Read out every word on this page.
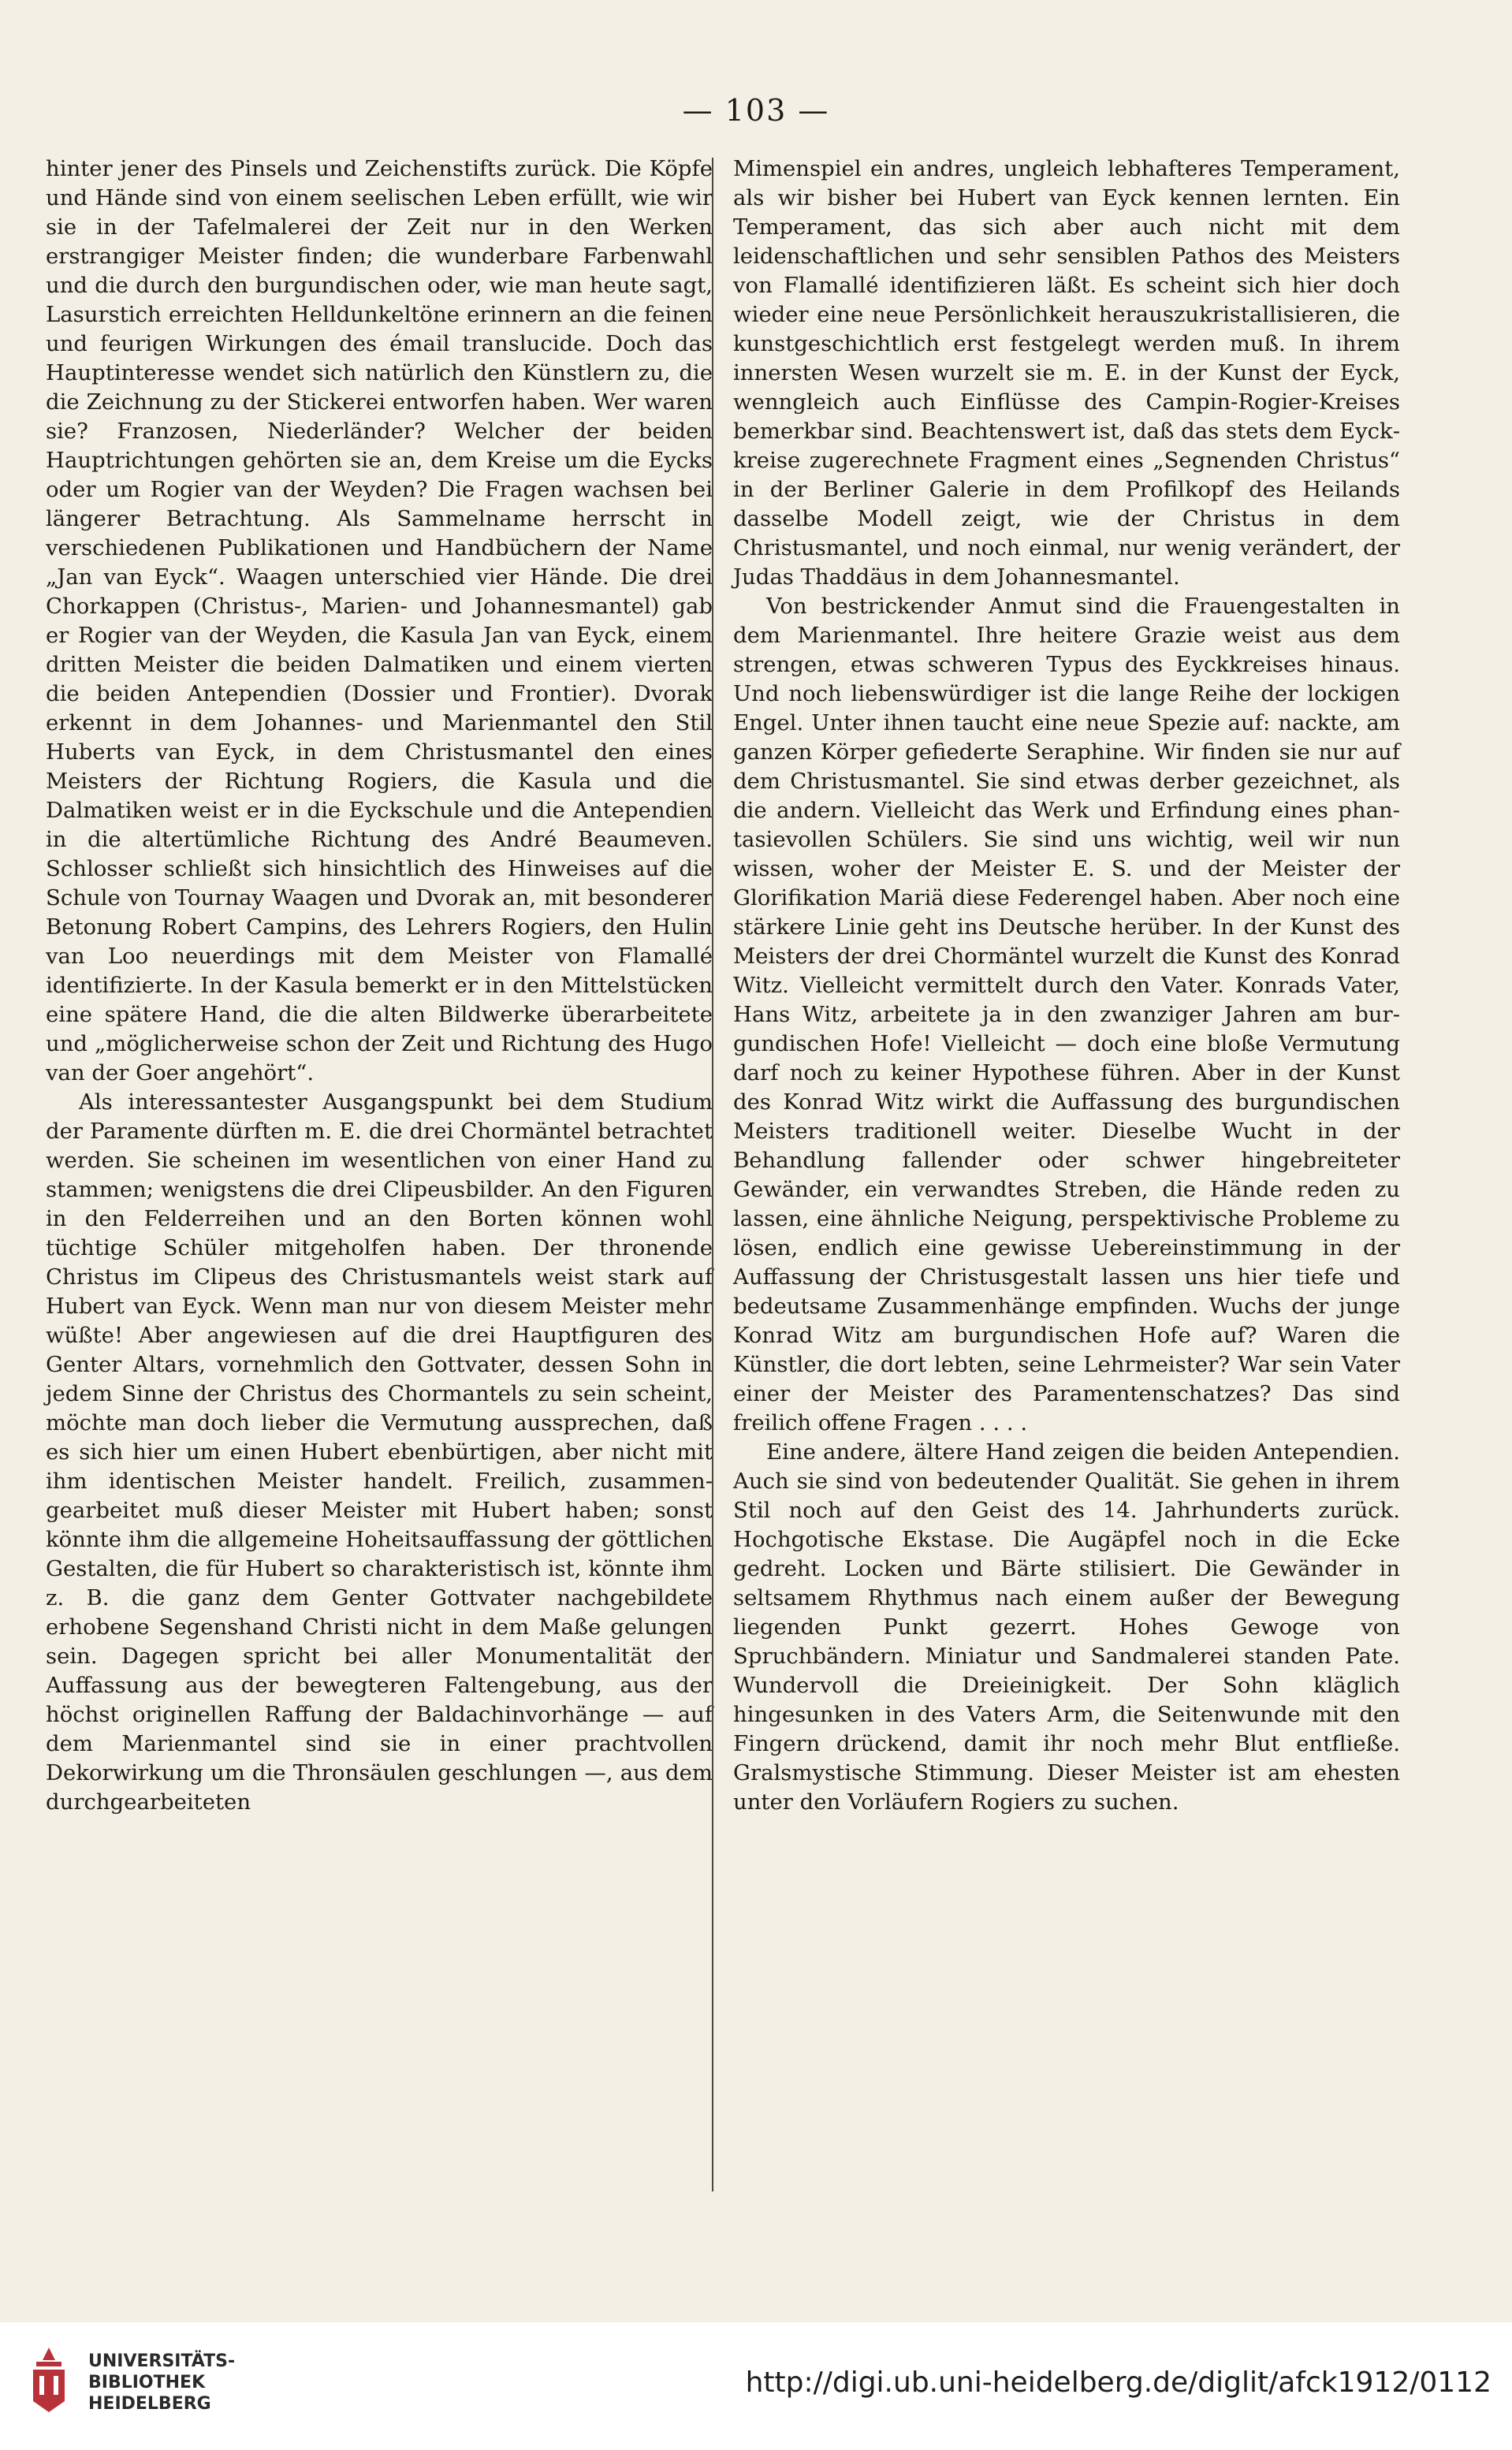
— 103 —

hinter jener des Pinsels und Zeichenstifts zurück. Die Köpfe und Hände sind von einem seelischen Leben erfüllt, wie wir sie in der Tafelmalerei der Zeit nur in den Werken erstrangiger Meister finden; die wunderbare Farbenwahl und die durch den burgundischen oder, wie man heute sagt, Lasurstich erreichten Helldunkeltöne erinnern an die feinen und feurigen Wirkungen des émail translucide. Doch das Hauptinteresse wendet sich natürlich den Künstlern zu, die die Zeichnung zu der Stickerei entworfen haben. Wer waren sie? Franzosen, Niederländer? Welcher der beiden Hauptrichtungen gehörten sie an, dem Kreise um die Eycks oder um Rogier van der Weyden? Die Fragen wachsen bei längerer Betrachtung. Als Sammelname herrscht in verschiedenen Publikationen und Handbüchern der Name „Jan van Eyck“. Waagen unterschied vier Hände. Die drei Chorkappen (Christus-, Marien- und Johannesmantel) gab er Rogier van der Weyden, die Kasula Jan van Eyck, einem dritten Meister die beiden Dalmatiken und einem vierten die beiden Antependien (Dossier und Frontier). Dvorak erkennt in dem Johannes- und Marienmantel den Stil Huberts van Eyck, in dem Christusmantel den eines Meisters der Richtung Rogiers, die Kasula und die Dalmatiken weist er in die Eyckschule und die Antependien in die altertümliche Richtung des André Beaumeven. Schlosser schließt sich hinsichtlich des Hinweises auf die Schule von Tournay Waagen und Dvorak an, mit besonderer Betonung Robert Campins, des Lehrers Rogiers, den Hulin van Loo neuerdings mit dem Meister von Flamallé identifizierte. In der Kasula bemerkt er in den Mittelstücken eine spätere Hand, die die alten Bildwerke überarbeitete und „möglicherweise schon der Zeit und Richtung des Hugo van der Goer angehört“.

Als interessantester Ausgangspunkt bei dem Studium der Paramente dürften m. E. die drei Chormäntel betrachtet werden. Sie scheinen im wesentlichen von einer Hand zu stammen; wenigstens die drei Clipeusbilder. An den Figuren in den Felderreihen und an den Borten können wohl tüchtige Schüler mitgeholfen haben. Der thronende Christus im Clipeus des Christusmantels weist stark auf Hubert van Eyck. Wenn man nur von diesem Meister mehr wüßte! Aber angewiesen auf die drei Hauptfiguren des Genter Altars, vornehmlich den Gottvater, dessen Sohn in jedem Sinne der Christus des Chormantels zu sein scheint, möchte man doch lieber die Vermutung aussprechen, daß es sich hier um einen Hubert ebenbürtigen, aber nicht mit ihm identischen Meister handelt. Freilich, zusammengearbeitet muß dieser Meister mit Hubert haben; sonst könnte ihm die allgemeine Hoheitsauffassung der göttlichen Gestalten, die für Hubert so charakteristisch ist, könnte ihm z. B. die ganz dem Genter Gottvater nachgebildete erhobene Segenshand Christi nicht in dem Maße gelungen sein. Dagegen spricht bei aller Monumentalität der Auffassung aus der bewegteren Faltengebung, aus der höchst originellen Raffung der Baldachinvorhänge — auf dem Marienmantel sind sie in einer prachtvollen Dekorwirkung um die Thronsäulen geschlungen —, aus dem durchgearbeiteten

Mimenspiel ein andres, ungleich lebhafteres Temperament, als wir bisher bei Hubert van Eyck kennen lernten. Ein Temperament, das sich aber auch nicht mit dem leidenschaftlichen und sehr sensiblen Pathos des Meisters von Flamallé identifizieren läßt. Es scheint sich hier doch wieder eine neue Persönlichkeit herauszukristallisieren, die kunstgeschichtlich erst festgelegt werden muß. In ihrem innersten Wesen wurzelt sie m. E. in der Kunst der Eyck, wenngleich auch Einflüsse des Campin-Rogier-Kreises bemerkbar sind. Beachtenswert ist, daß das stets dem Eyckkreise zugerechnete Fragment eines „Segnenden Christus“ in der Berliner Galerie in dem Profilkopf des Heilands dasselbe Modell zeigt, wie der Christus in dem Christusmantel, und noch einmal, nur wenig verändert, der Judas Thaddäus in dem Johannesmantel.

Von bestrickender Anmut sind die Frauengestalten in dem Marienmantel. Ihre heitere Grazie weist aus dem strengen, etwas schweren Typus des Eyckkreises hinaus. Und noch liebenswürdiger ist die lange Reihe der lockigen Engel. Unter ihnen taucht eine neue Spezie auf: nackte, am ganzen Körper gefiederte Seraphine. Wir finden sie nur auf dem Christusmantel. Sie sind etwas derber gezeichnet, als die andern. Vielleicht das Werk und Erfindung eines phantasievollen Schülers. Sie sind uns wichtig, weil wir nun wissen, woher der Meister E. S. und der Meister der Glorifikation Mariä diese Federengel haben. Aber noch eine stärkere Linie geht ins Deutsche herüber. In der Kunst des Meisters der drei Chormäntel wurzelt die Kunst des Konrad Witz. Vielleicht vermittelt durch den Vater. Konrads Vater, Hans Witz, arbeitete ja in den zwanziger Jahren am burgundischen Hofe! Vielleicht — doch eine bloße Vermutung darf noch zu keiner Hypothese führen. Aber in der Kunst des Konrad Witz wirkt die Auffassung des burgundischen Meisters traditionell weiter. Dieselbe Wucht in der Behandlung fallender oder schwer hingebreiteter Gewänder, ein verwandtes Streben, die Hände reden zu lassen, eine ähnliche Neigung, perspektivische Probleme zu lösen, endlich eine gewisse Uebereinstimmung in der Auffassung der Christusgestalt lassen uns hier tiefe und bedeutsame Zusammenhänge empfinden. Wuchs der junge Konrad Witz am burgundischen Hofe auf? Waren die Künstler, die dort lebten, seine Lehrmeister? War sein Vater einer der Meister des Paramentenschatzes? Das sind freilich offene Fragen . . . .

Eine andere, ältere Hand zeigen die beiden Antependien. Auch sie sind von bedeutender Qualität. Sie gehen in ihrem Stil noch auf den Geist des 14. Jahrhunderts zurück. Hochgotische Ekstase. Die Augäpfel noch in die Ecke gedreht. Locken und Bärte stilisiert. Die Gewänder in seltsamem Rhythmus nach einem außer der Bewegung liegenden Punkt gezerrt. Hohes Gewoge von Spruchbändern. Miniatur und Sandmalerei standen Pate. Wundervoll die Dreieinigkeit. Der Sohn kläglich hingesunken in des Vaters Arm, die Seitenwunde mit den Fingern drückend, damit ihr noch mehr Blut entfließe. Gralsmystische Stimmung. Dieser Meister ist am ehesten unter den Vorläufern Rogiers zu suchen.

UNIVERSITÄTS-
BIBLIOTHEK
HEIDELBERG
http://digi.ub.uni-heidelberg.de/diglit/afck1912/0112
